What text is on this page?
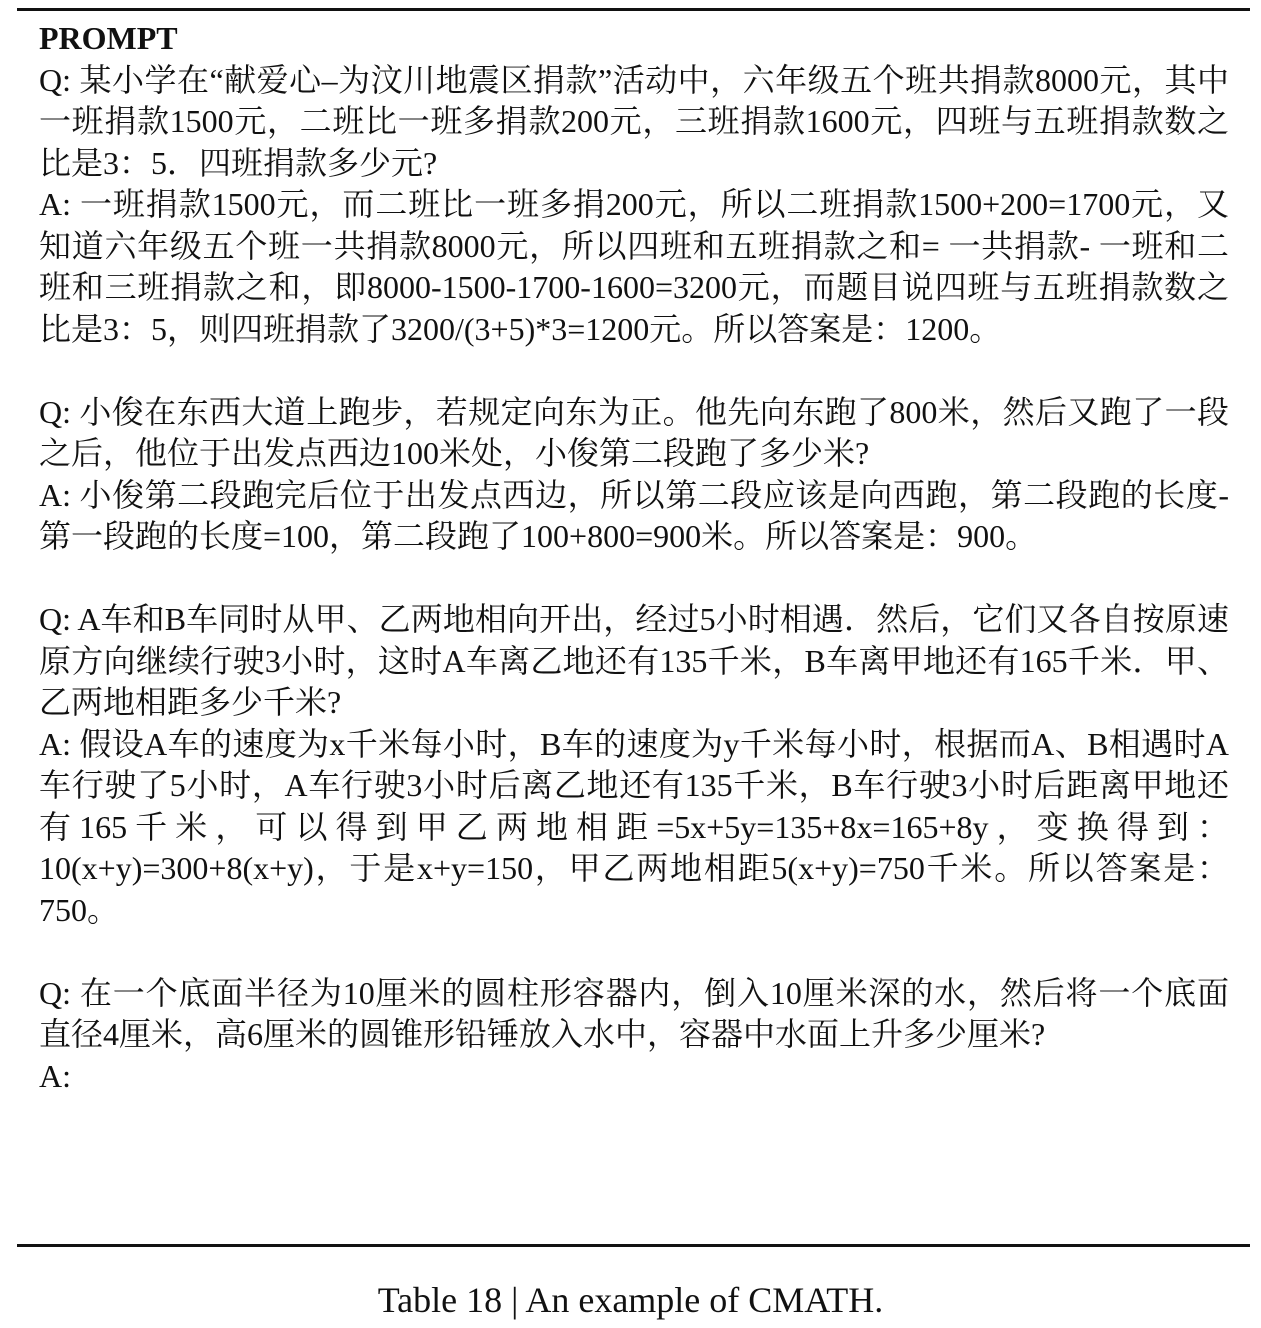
PROMPT

Q: 某小学在“献爱心–为汶川地震区捐款”活动中，六年级五个班共捐款8000元，其中一班捐款1500元，二班比一班多捐款200元，三班捐款1600元，四班与五班捐款数之比是3：5．四班捐款多少元?

A: 一班捐款1500元，而二班比一班多捐200元，所以二班捐款1500+200=1700元，又知道六年级五个班一共捐款8000元，所以四班和五班捐款之和= 一共捐款- 一班和二班和三班捐款之和，即8000-1500-1700-1600=3200元，而题目说四班与五班捐款数之比是3：5，则四班捐款了3200/(3+5)*3=1200元。所以答案是：1200。

Q: 小俊在东西大道上跑步，若规定向东为正。他先向东跑了800米，然后又跑了一段之后，他位于出发点西边100米处，小俊第二段跑了多少米?

A: 小俊第二段跑完后位于出发点西边，所以第二段应该是向西跑，第二段跑的长度-第一段跑的长度=100，第二段跑了100+800=900米。所以答案是：900。

Q: A车和B车同时从甲、乙两地相向开出，经过5小时相遇．然后，它们又各自按原速原方向继续行驶3小时，这时A车离乙地还有135千米，B车离甲地还有165千米．甲、乙两地相距多少千米?

A: 假设A车的速度为x千米每小时，B车的速度为y千米每小时，根据而A、B相遇时A车行驶了5小时，A车行驶3小时后离乙地还有135千米，B车行驶3小时后距离甲地还有165千米，可以得到甲乙两地相距=5x+5y=135+8x=165+8y，变换得到：10(x+y)=300+8(x+y)，于是x+y=150，甲乙两地相距5(x+y)=750千米。所以答案是：750。

Q: 在一个底面半径为10厘米的圆柱形容器内，倒入10厘米深的水，然后将一个底面直径4厘米，高6厘米的圆锥形铅锤放入水中，容器中水面上升多少厘米?

A:

Table 18 | An example of CMATH.
